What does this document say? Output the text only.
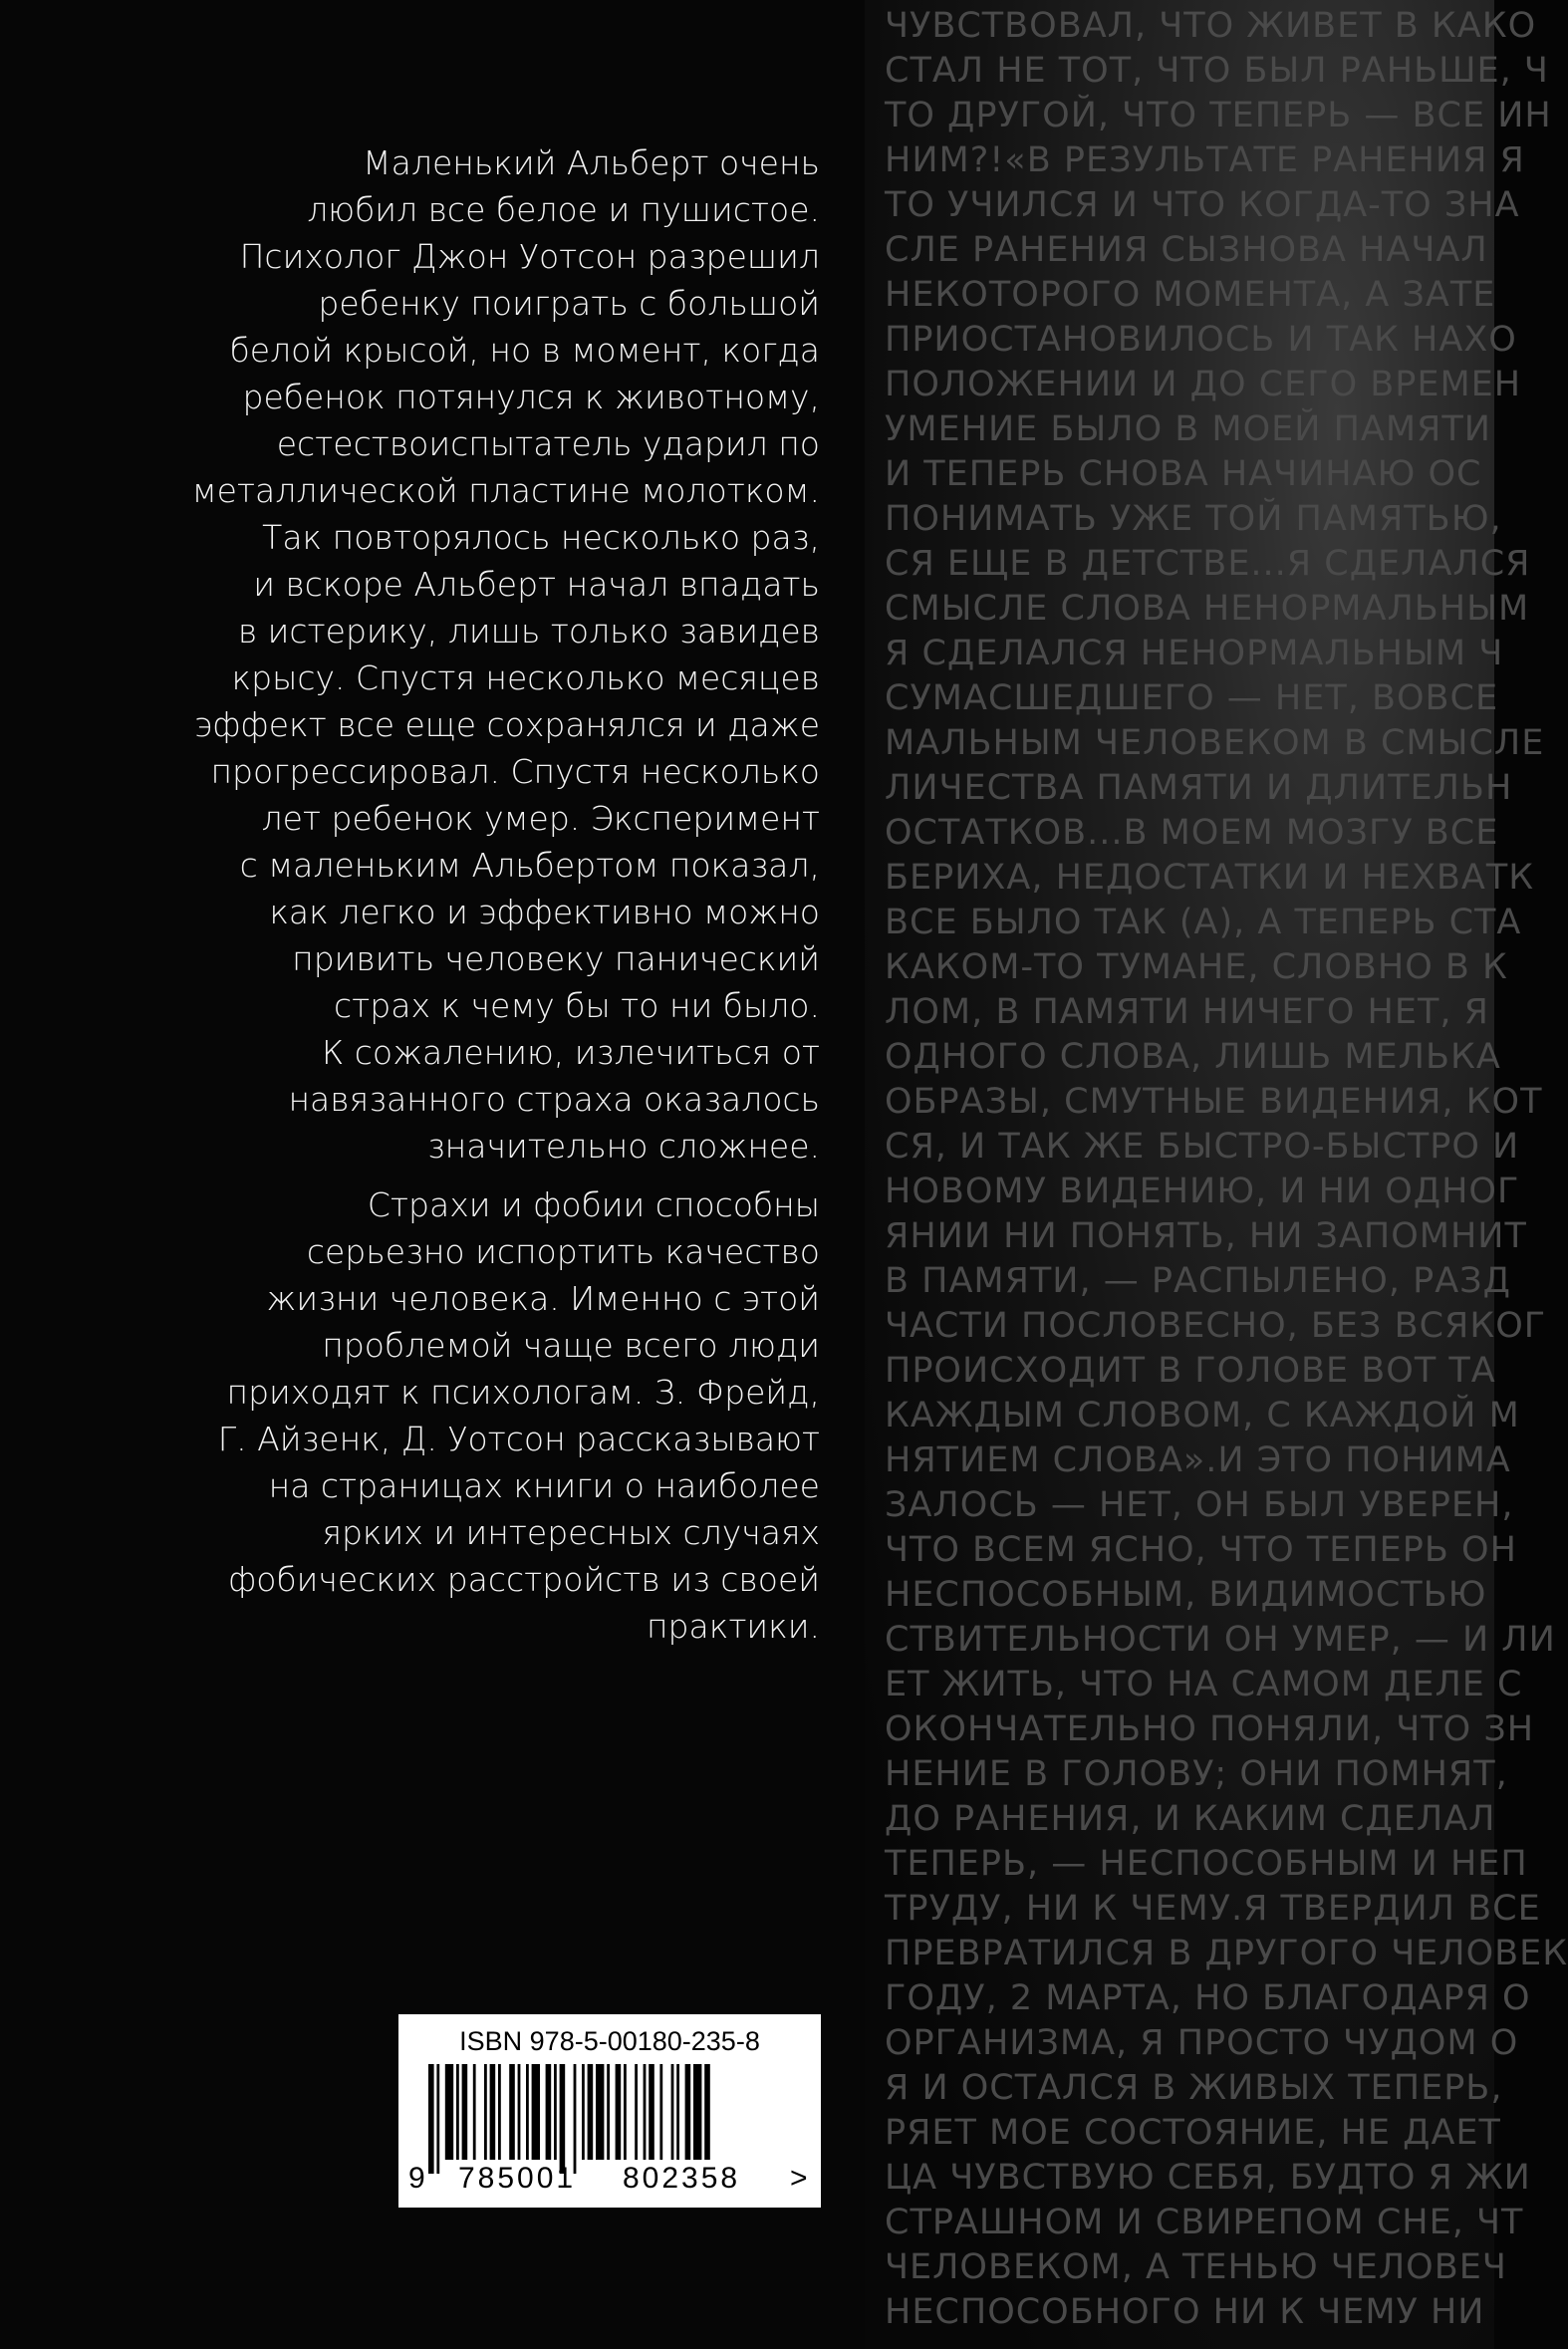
ЧУВСТВОВАЛ, ЧТО ЖИВЕТ В КАКО
СТАЛ НЕ ТОТ, ЧТО БЫЛ РАНЬШЕ, Ч
ТО ДРУГОЙ, ЧТО ТЕПЕРЬ — ВСЕ ИН
НИМ?!«В РЕЗУЛЬТАТЕ РАНЕНИЯ Я
ТО УЧИЛСЯ И ЧТО КОГДА-ТО ЗНА
СЛЕ РАНЕНИЯ СЫЗНОВА НАЧАЛ
НЕКОТОРОГО МОМЕНТА, А ЗАТЕ
ПРИОСТАНОВИЛОСЬ И ТАК НАХО
ПОЛОЖЕНИИ И ДО СЕГО ВРЕМЕН
УМЕНИЕ БЫЛО В МОЕЙ ПАМЯТИ
И ТЕПЕРЬ СНОВА НАЧИНАЮ ОС
ПОНИМАТЬ УЖЕ ТОЙ ПАМЯТЬЮ,
СЯ ЕЩЕ В ДЕТСТВЕ...Я СДЕЛАЛСЯ
СМЫСЛЕ СЛОВА НЕНОРМАЛЬНЫМ
Я СДЕЛАЛСЯ НЕНОРМАЛЬНЫМ Ч
СУМАСШЕДШЕГО — НЕТ, ВОВСЕ
МАЛЬНЫМ ЧЕЛОВЕКОМ В СМЫСЛЕ
ЛИЧЕСТВА ПАМЯТИ И ДЛИТЕЛЬН
ОСТАТКОВ...В МОЕМ МОЗГУ ВСЕ
БЕРИХА, НЕДОСТАТКИ И НЕХВАТК
ВСЕ БЫЛО ТАК (А), А ТЕПЕРЬ СТА
КАКОМ-ТО ТУМАНЕ, СЛОВНО В К
ЛОМ, В ПАМЯТИ НИЧЕГО НЕТ, Я
ОДНОГО СЛОВА, ЛИШЬ МЕЛЬКА
ОБРАЗЫ, СМУТНЫЕ ВИДЕНИЯ, КОТ
СЯ, И ТАК ЖЕ БЫСТРО-БЫСТРО И
НОВОМУ ВИДЕНИЮ, И НИ ОДНОГ
ЯНИИ НИ ПОНЯТЬ, НИ ЗАПОМНИТ
В ПАМЯТИ, — РАСПЫЛЕНО, РАЗД
ЧАСТИ ПОСЛОВЕСНО, БЕЗ ВСЯКОГ
ПРОИСХОДИТ В ГОЛОВЕ ВОТ ТА
КАЖДЫМ СЛОВОМ, С КАЖДОЙ М
НЯТИЕМ СЛОВА».И ЭТО ПОНИМА
ЗАЛОСЬ — НЕТ, ОН БЫЛ УВЕРЕН,
ЧТО ВСЕМ ЯСНО, ЧТО ТЕПЕРЬ ОН
НЕСПОСОБНЫМ, ВИДИМОСТЬЮ
СТВИТЕЛЬНОСТИ ОН УМЕР, — И ЛИ
ЕТ ЖИТЬ, ЧТО НА САМОМ ДЕЛЕ С
ОКОНЧАТЕЛЬНО ПОНЯЛИ, ЧТО ЗН
НЕНИЕ В ГОЛОВУ; ОНИ ПОМНЯТ,
ДО РАНЕНИЯ, И КАКИМ СДЕЛАЛ
ТЕПЕРЬ, — НЕСПОСОБНЫМ И НЕП
ТРУДУ, НИ К ЧЕМУ.Я ТВЕРДИЛ ВСЕ
ПРЕВРАТИЛСЯ В ДРУГОГО ЧЕЛОВЕК
ГОДУ, 2 МАРТА, НО БЛАГОДАРЯ О
ОРГАНИЗМА, Я ПРОСТО ЧУДОМ О
Я И ОСТАЛСЯ В ЖИВЫХ ТЕПЕРЬ,
РЯЕТ МОЕ СОСТОЯНИЕ, НЕ ДАЕТ
ЦА ЧУВСТВУЮ СЕБЯ, БУДТО Я ЖИ
СТРАШНОМ И СВИРЕПОМ СНЕ, ЧТ
ЧЕЛОВЕКОМ, А ТЕНЬЮ ЧЕЛОВЕЧ
НЕСПОСОБНОГО НИ К ЧЕМУ НИ
Маленький Альберт очень
любил все белое и пушистое.
Психолог Джон Уотсон разрешил
ребенку поиграть с большой
белой крысой, но в момент, когда
ребенок потянулся к животному,
естествоиспытатель ударил по
металлической пластине молотком.
Так повторялось несколько раз,
и вскоре Альберт начал впадать
в истерику, лишь только завидев
крысу. Спустя несколько месяцев
эффект все еще сохранялся и даже
прогрессировал. Спустя несколько
лет ребенок умер. Эксперимент
с маленьким Альбертом показал,
как легко и эффективно можно
привить человеку панический
страх к чему бы то ни было.
К сожалению, излечиться от
навязанного страха оказалось
значительно сложнее.
Страхи и фобии способны
серьезно испортить качество
жизни человека. Именно с этой
проблемой чаще всего люди
приходят к психологам. З. Фрейд,
Г. Айзенк, Д. Уотсон рассказывают
на страницах книги о наиболее
ярких и интересных случаях
фобических расстройств из своей
практики.
ISBN 978-5-00180-235-8
9 785001 802358 >
